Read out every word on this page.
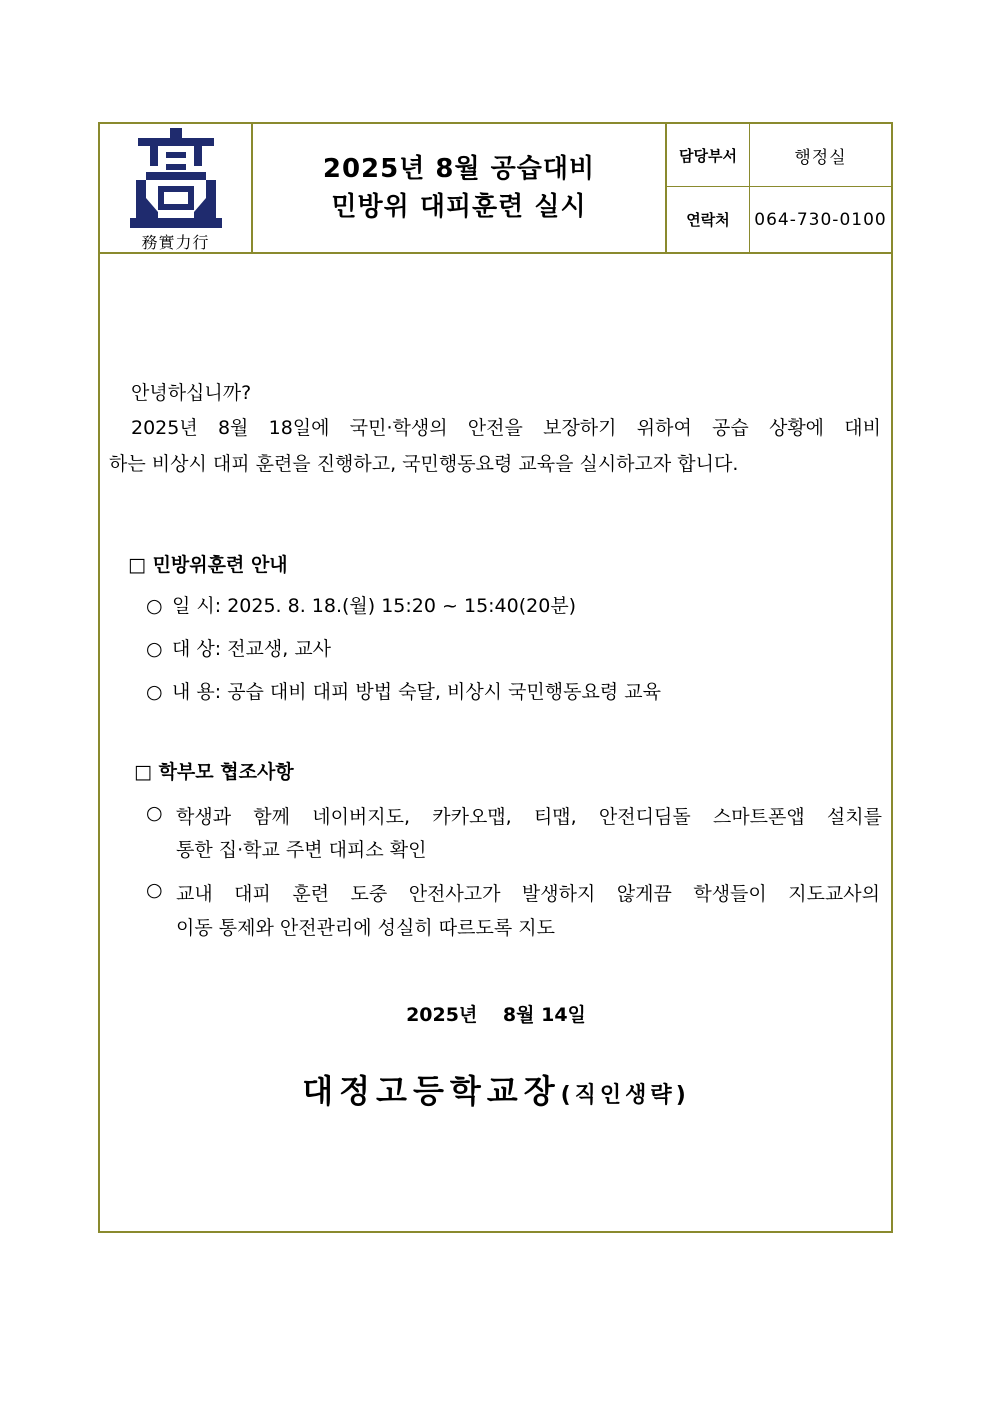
務實力行
2025년 8월 공습대비
민방위 대피훈련 실시
담당부서	행정실
연락처	064-730-0100
안녕하십니까?
2025년 8월 18일에 국민·학생의 안전을 보장하기 위하여 공습 상황에 대비
하는 비상시 대피 훈련을 진행하고, 국민행동요령 교육을 실시하고자 합니다.
□ 민방위훈련 안내
○ 일 시: 2025. 8. 18.(월) 15:20 ~ 15:40(20분)
○ 대 상: 전교생, 교사
○ 내 용: 공습 대비 대피 방법 숙달, 비상시 국민행동요령 교육
□ 학부모 협조사항
○ 학생과 함께 네이버지도, 카카오맵, 티맵, 안전디딤돌 스마트폰앱 설치를
통한 집·학교 주변 대피소 확인
○ 교내 대피 훈련 도중 안전사고가 발생하지 않게끔 학생들이 지도교사의
이동 통제와 안전관리에 성실히 따르도록 지도
2025년　 8월 14일
대정고등학교장(직인생략)
